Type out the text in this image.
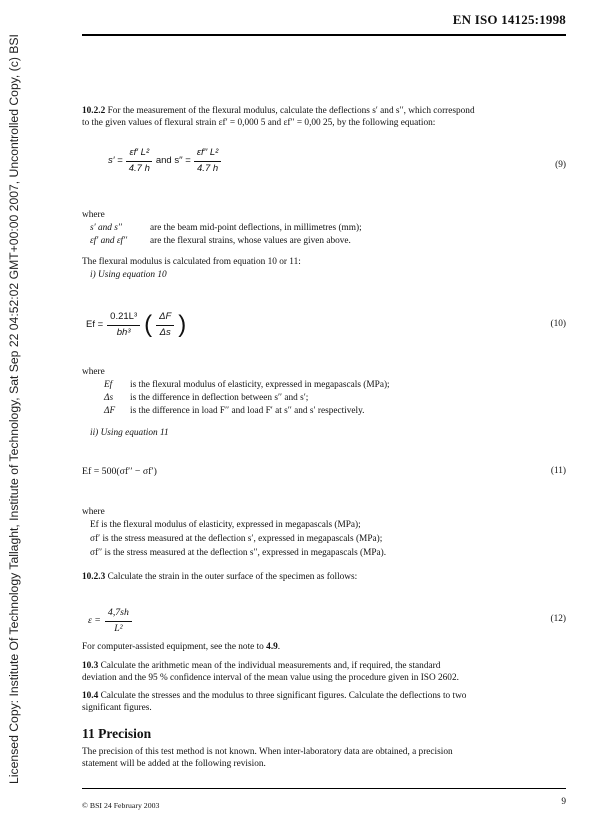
EN ISO 14125:1998
Licensed Copy: Institute Of Technology Tallaght, Institute of Technology, Sat Sep 22 04:52:02 GMT+00:00 2007, Uncontrolled Copy, (c) BSI	10.2.2 For the measurement of the flexural modulus, calculate the deflections s′ and s′′, which correspond
to the given values of flexural strain εf′ = 0,000 5 and εf′′ = 0,00 25, by the following equation:
$s' = \frac{\text{εf′ L²}}{4.7 h}$ and $s'' = \frac{\text{εf′′ L²}}{4.7 h}$	(9)
where
s′ and s′′	are the beam mid-point deflections, in millimetres (mm);
εf′ and εf′′ are the flexural strains, whose values are given above.
The flexural modulus is calculated from equation 10 or 11:
i) Using equation 10
$Ef = \frac{\text{0.21L³}}{\text{bh³}}$ ( $\frac{\Delta F}{\Delta s}$ )	(10)
where
Ef is the flexural modulus of elasticity, expressed in megapascals (MPa);
Δs is the difference in deflection between s′′ and s′;
ΔF is the difference in load F′′ and load F′ at s′′ and s′ respectively.
ii) Using equation 11
Ef = 500(σf′′ − σf′)	(11)
where
Ef is the flexural modulus of elasticity, expressed in megapascals (MPa);
σf′ is the stress measured at the deflection s′, expressed in megapascals (MPa);
σf′′ is the stress measured at the deflection s′′, expressed in megapascals (MPa).
10.2.3 Calculate the strain in the outer surface of the specimen as follows:
$\varepsilon = \frac{4,7sh}{\text{L²}}$	(12)
For computer-assisted equipment, see the note to 4.9.
10.3 Calculate the arithmetic mean of the individual measurements and, if required, the standard
deviation and the 95 % confidence interval of the mean value using the procedure given in ISO 2602.
10.4 Calculate the stresses and the modulus to three significant figures. Calculate the deflections to two
significant figures.
11 Precision
The precision of this test method is not known. When inter-laboratory data are obtained, a precision
statement will be added at the following revision.
© BSI 24 February 2003	9
